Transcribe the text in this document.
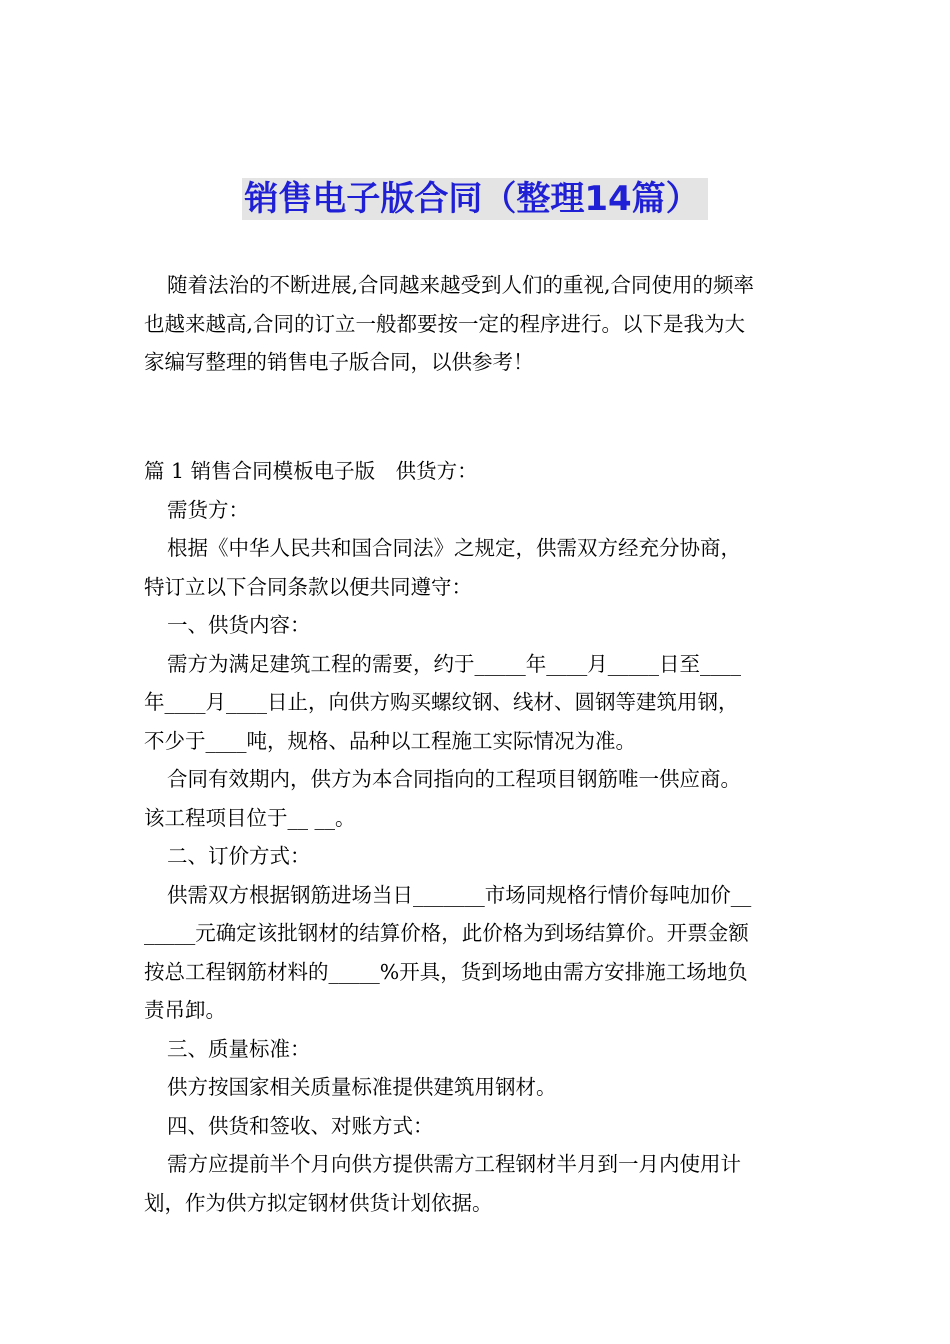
销售电子版合同（整理14篇）

随着法治的不断进展,合同越来越受到人们的重视,合同使用的频率

也越来越高,合同的订立一般都要按一定的程序进行。以下是我为大

家编写整理的销售电子版合同，以供参考！

篇 1 销售合同模板电子版　供货方：

需货方：

根据《中华人民共和国合同法》之规定，供需双方经充分协商，

特订立以下合同条款以便共同遵守：

一、供货内容：

需方为满足建筑工程的需要，约于_____年____月_____日至____

年____月____日止，向供方购买螺纹钢、线材、圆钢等建筑用钢，

不少于____吨，规格、品种以工程施工实际情况为准。

合同有效期内，供方为本合同指向的工程项目钢筋唯一供应商。

该工程项目位于__ __。

二、订价方式：

供需双方根据钢筋进场当日_______市场同规格行情价每吨加价__

_____元确定该批钢材的结算价格，此价格为到场结算价。开票金额

按总工程钢筋材料的_____%开具，货到场地由需方安排施工场地负

责吊卸。

三、质量标准：

供方按国家相关质量标准提供建筑用钢材。

四、供货和签收、对账方式：

需方应提前半个月向供方提供需方工程钢材半月到一月内使用计

划，作为供方拟定钢材供货计划依据。
